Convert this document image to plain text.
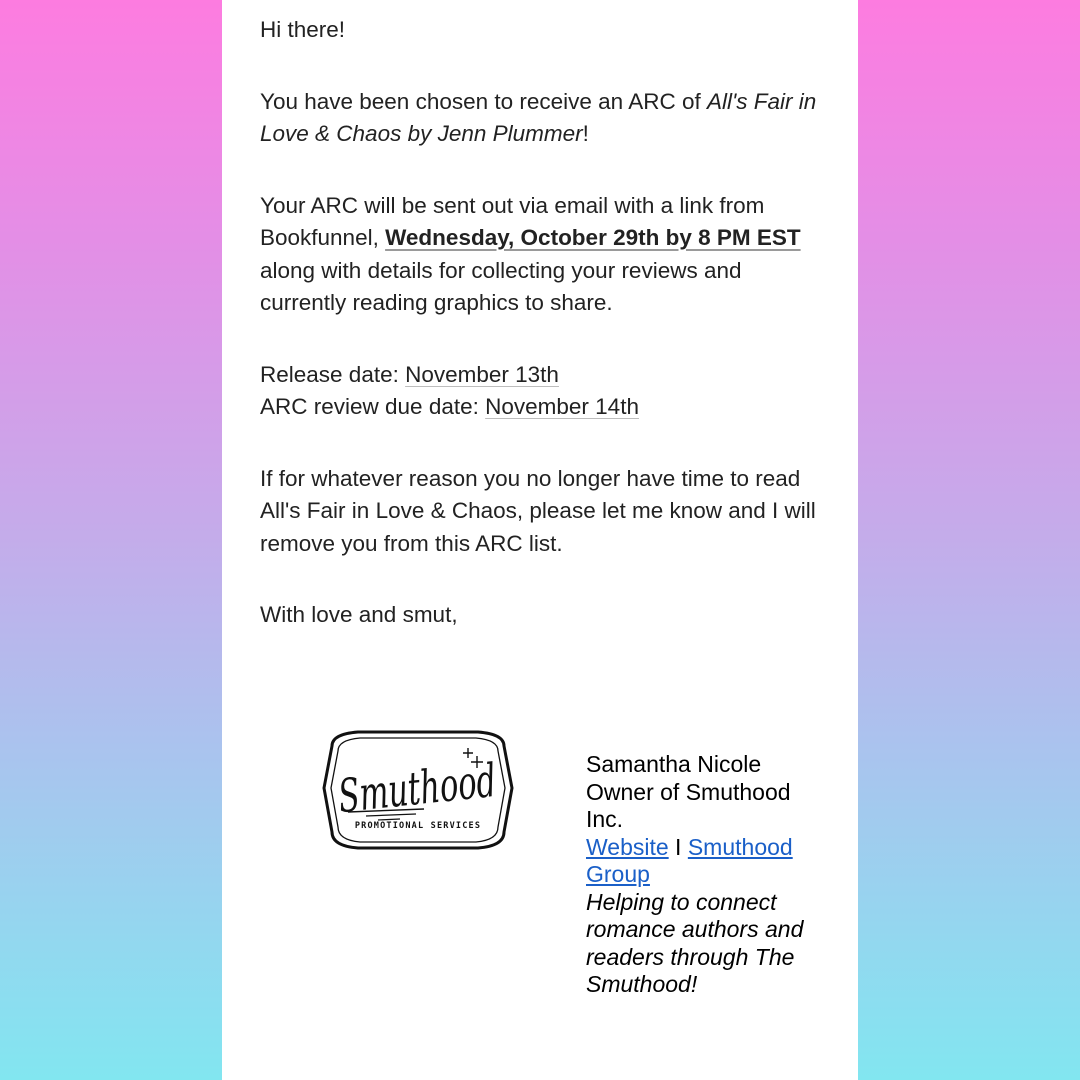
Hi there!

You have been chosen to receive an ARC of All's Fair in Love & Chaos by Jenn Plummer!

Your ARC will be sent out via email with a link from Bookfunnel, Wednesday, October 29th by 8 PM EST along with details for collecting your reviews and currently reading graphics to share.

Release date: November 13th
ARC review due date: November 14th

If for whatever reason you no longer have time to read All's Fair in Love & Chaos, please let me know and I will remove you from this ARC list.

With love and smut,

Smuthood
PROMOTIONAL SERVICES
Samantha Nicole
Owner of Smuthood Inc.
Website I Smuthood Group
Helping to connect romance authors and readers through The Smuthood!
